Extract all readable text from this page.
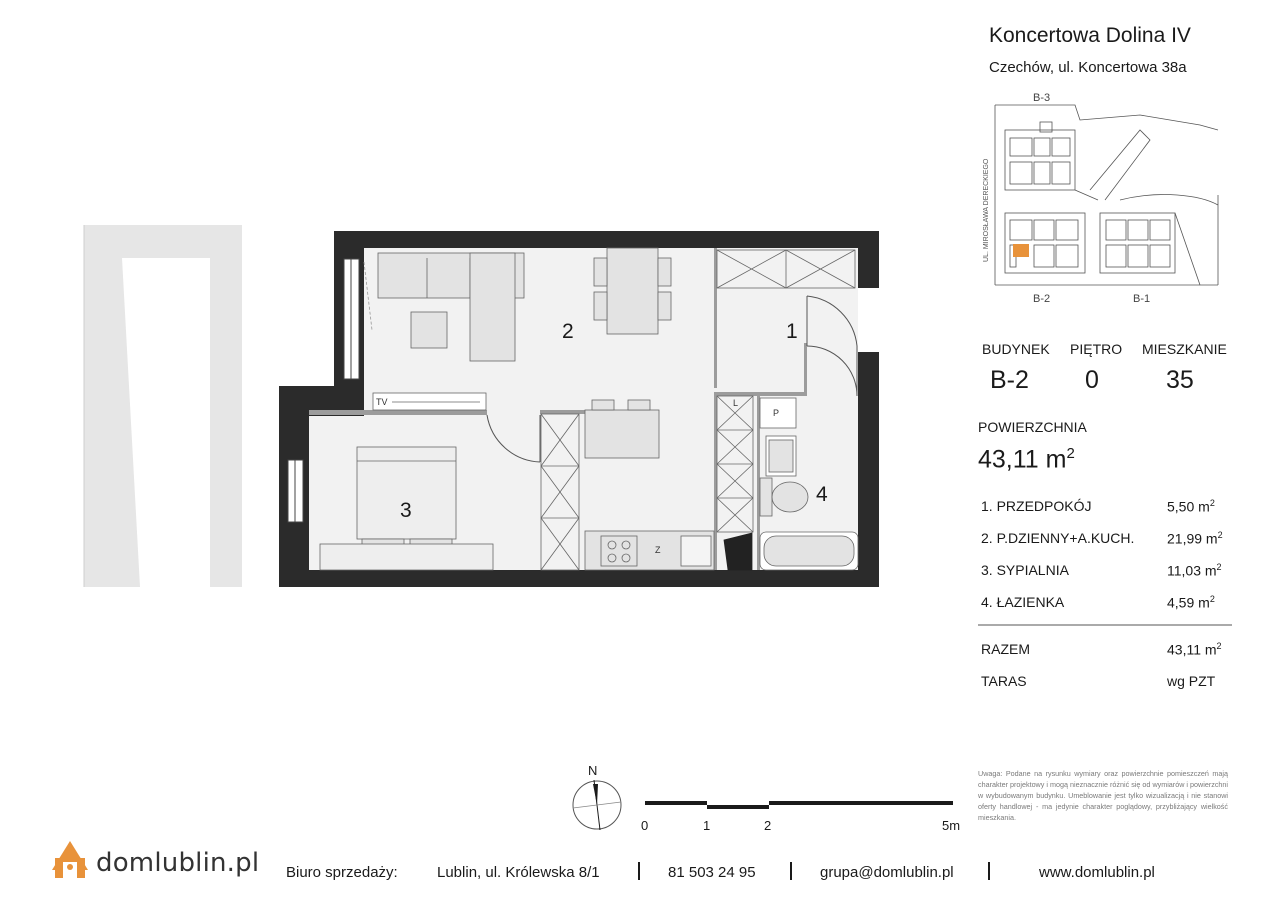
TV	L
P
Z
1
2
3
4
B-3
B-2	B-1
UL. MIROSŁAWA DERECKIEGO
N
Koncertowa Dolina IV
Czechów, ul. Koncertowa 38a
BUDYNEK PIĘTRO MIESZKANIE
B-2 0	35
POWIERZCHNIA
43,11 $m^2$
1. PRZEDPOKÓJ	5,50 $m^2$
2. P.DZIENNY+A.KUCH. 21,99 $m^2$
3. SYPIALNIA	11,03 $m^2$
4. ŁAZIENKA	4,59 $m^2$
RAZEM	43,11 $m^2$
TARAS	wg PZT
Uwaga: Podane na rysunku wymiary oraz powierzchnie pomieszczeń mają charakter projektowy i mogą nieznacznie różnić się od wymiarów i powierzchni w wybudowanym budynku. Umeblowanie jest tylko wizualizacją i nie stanowi oferty handlowej - ma jedynie charakter poglądowy, przybliżający wielkość mieszkania.
0	1	2	5m
domlublin.pl Biuro sprzedaży:	Lublin, ul. Królewska 8/1	81 503 24 95	grupa@domlublin.pl	www.domlublin.pl
